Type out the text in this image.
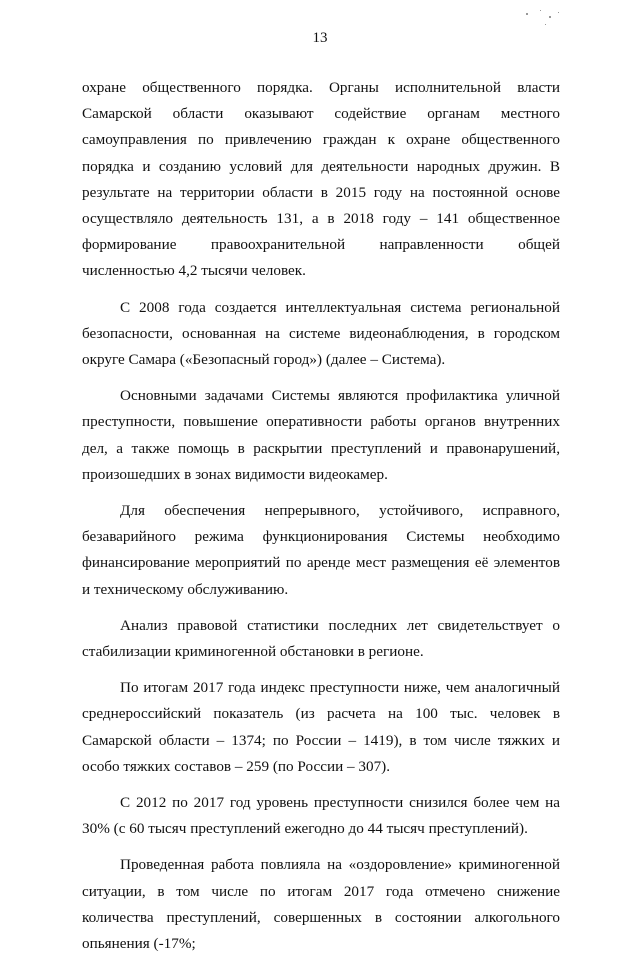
13

охране общественного порядка. Органы исполнительной власти Самарской области оказывают содействие органам местного самоуправления по привлечению граждан к охране общественного порядка и созданию условий для деятельности народных дружин. В результате на территории области в 2015 году на постоянной основе осуществляло деятельность 131, а в 2018 году – 141 общественное формирование правоохранительной направленности общей численностью 4,2 тысячи человек.

С 2008 года создается интеллектуальная система региональной безопасности, основанная на системе видеонаблюдения, в городском округе Самара («Безопасный город») (далее – Система).

Основными задачами Системы являются профилактика уличной преступности, повышение оперативности работы органов внутренних дел, а также помощь в раскрытии преступлений и правонарушений, произошедших в зонах видимости видеокамер.

Для обеспечения непрерывного, устойчивого, исправного, безаварийного режима функционирования Системы необходимо финансирование мероприятий по аренде мест размещения её элементов и техническому обслуживанию.

Анализ правовой статистики последних лет свидетельствует о стабилизации криминогенной обстановки в регионе.

По итогам 2017 года индекс преступности ниже, чем аналогичный среднероссийский показатель (из расчета на 100 тыс. человек в Самарской области – 1374; по России – 1419), в том числе тяжких и особо тяжких составов – 259 (по России – 307).

С 2012 по 2017 год уровень преступности снизился более чем на 30% (с 60 тысяч преступлений ежегодно до 44 тысяч преступлений).

Проведенная работа повлияла на «оздоровление» криминогенной ситуации, в том числе по итогам 2017 года отмечено снижение количества преступлений, совершенных в состоянии алкогольного опьянения (-17%;
